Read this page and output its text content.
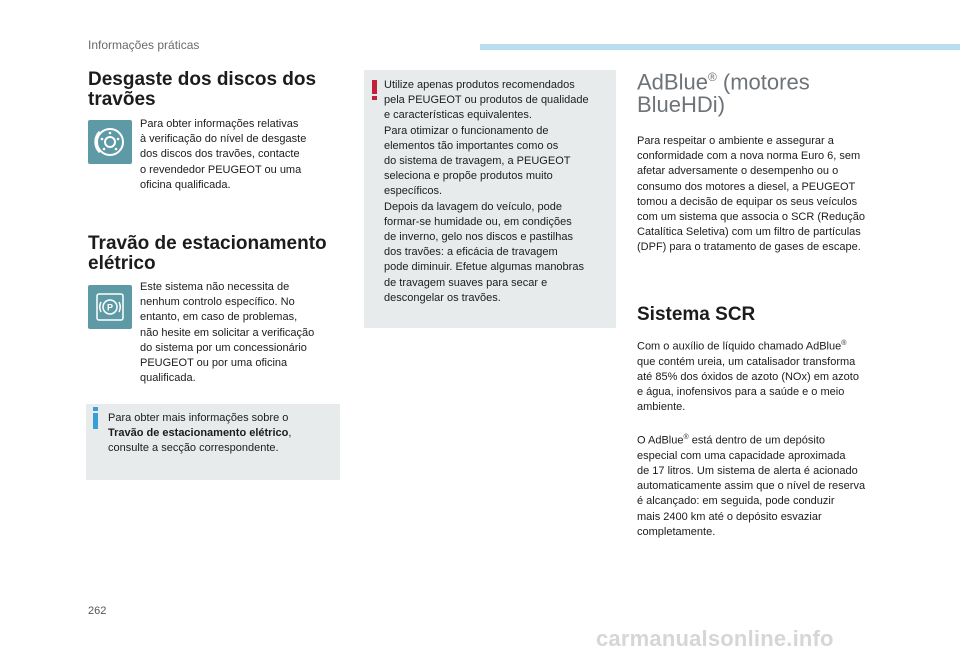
Informações práticas
Desgaste dos discos dos travões
Para obter informações relativas
à verificação do nível de desgaste
dos discos dos travões, contacte
o revendedor PEUGEOT ou uma
oficina qualificada.
Travão de estacionamento elétrico
P
Este sistema não necessita de
nenhum controlo específico. No
entanto, em caso de problemas,
não hesite em solicitar a verificação
do sistema por um concessionário
PEUGEOT ou por uma oficina
qualificada.
Para obter mais informações sobre o
Travão de estacionamento elétrico,
consulte a secção correspondente.
Utilize apenas produtos recomendados
pela PEUGEOT ou produtos de qualidade
e características equivalentes.
Para otimizar o funcionamento de
elementos tão importantes como os
do sistema de travagem, a PEUGEOT
seleciona e propõe produtos muito
específicos.
Depois da lavagem do veículo, pode
formar-se humidade ou, em condições
de inverno, gelo nos discos e pastilhas
dos travões: a eficácia de travagem
pode diminuir. Efetue algumas manobras
de travagem suaves para secar e
descongelar os travões.
AdBlue® (motores
BlueHDi)
Para respeitar o ambiente e assegurar a
conformidade com a nova norma Euro 6, sem
afetar adversamente o desempenho ou o
consumo dos motores a diesel, a PEUGEOT
tomou a decisão de equipar os seus veículos
com um sistema que associa o SCR (Redução
Catalítica Seletiva) com um filtro de partículas
(DPF) para o tratamento de gases de escape.
Sistema SCR
Com o auxílio de líquido chamado AdBlue®
que contém ureia, um catalisador transforma
até 85% dos óxidos de azoto (NOx) em azoto
e água, inofensivos para a saúde e o meio
ambiente.
O AdBlue® está dentro de um depósito
especial com uma capacidade aproximada
de 17 litros. Um sistema de alerta é acionado
automaticamente assim que o nível de reserva
é alcançado: em seguida, pode conduzir
mais 2400 km até o depósito esvaziar
completamente.
262
carmanualsonline.info
